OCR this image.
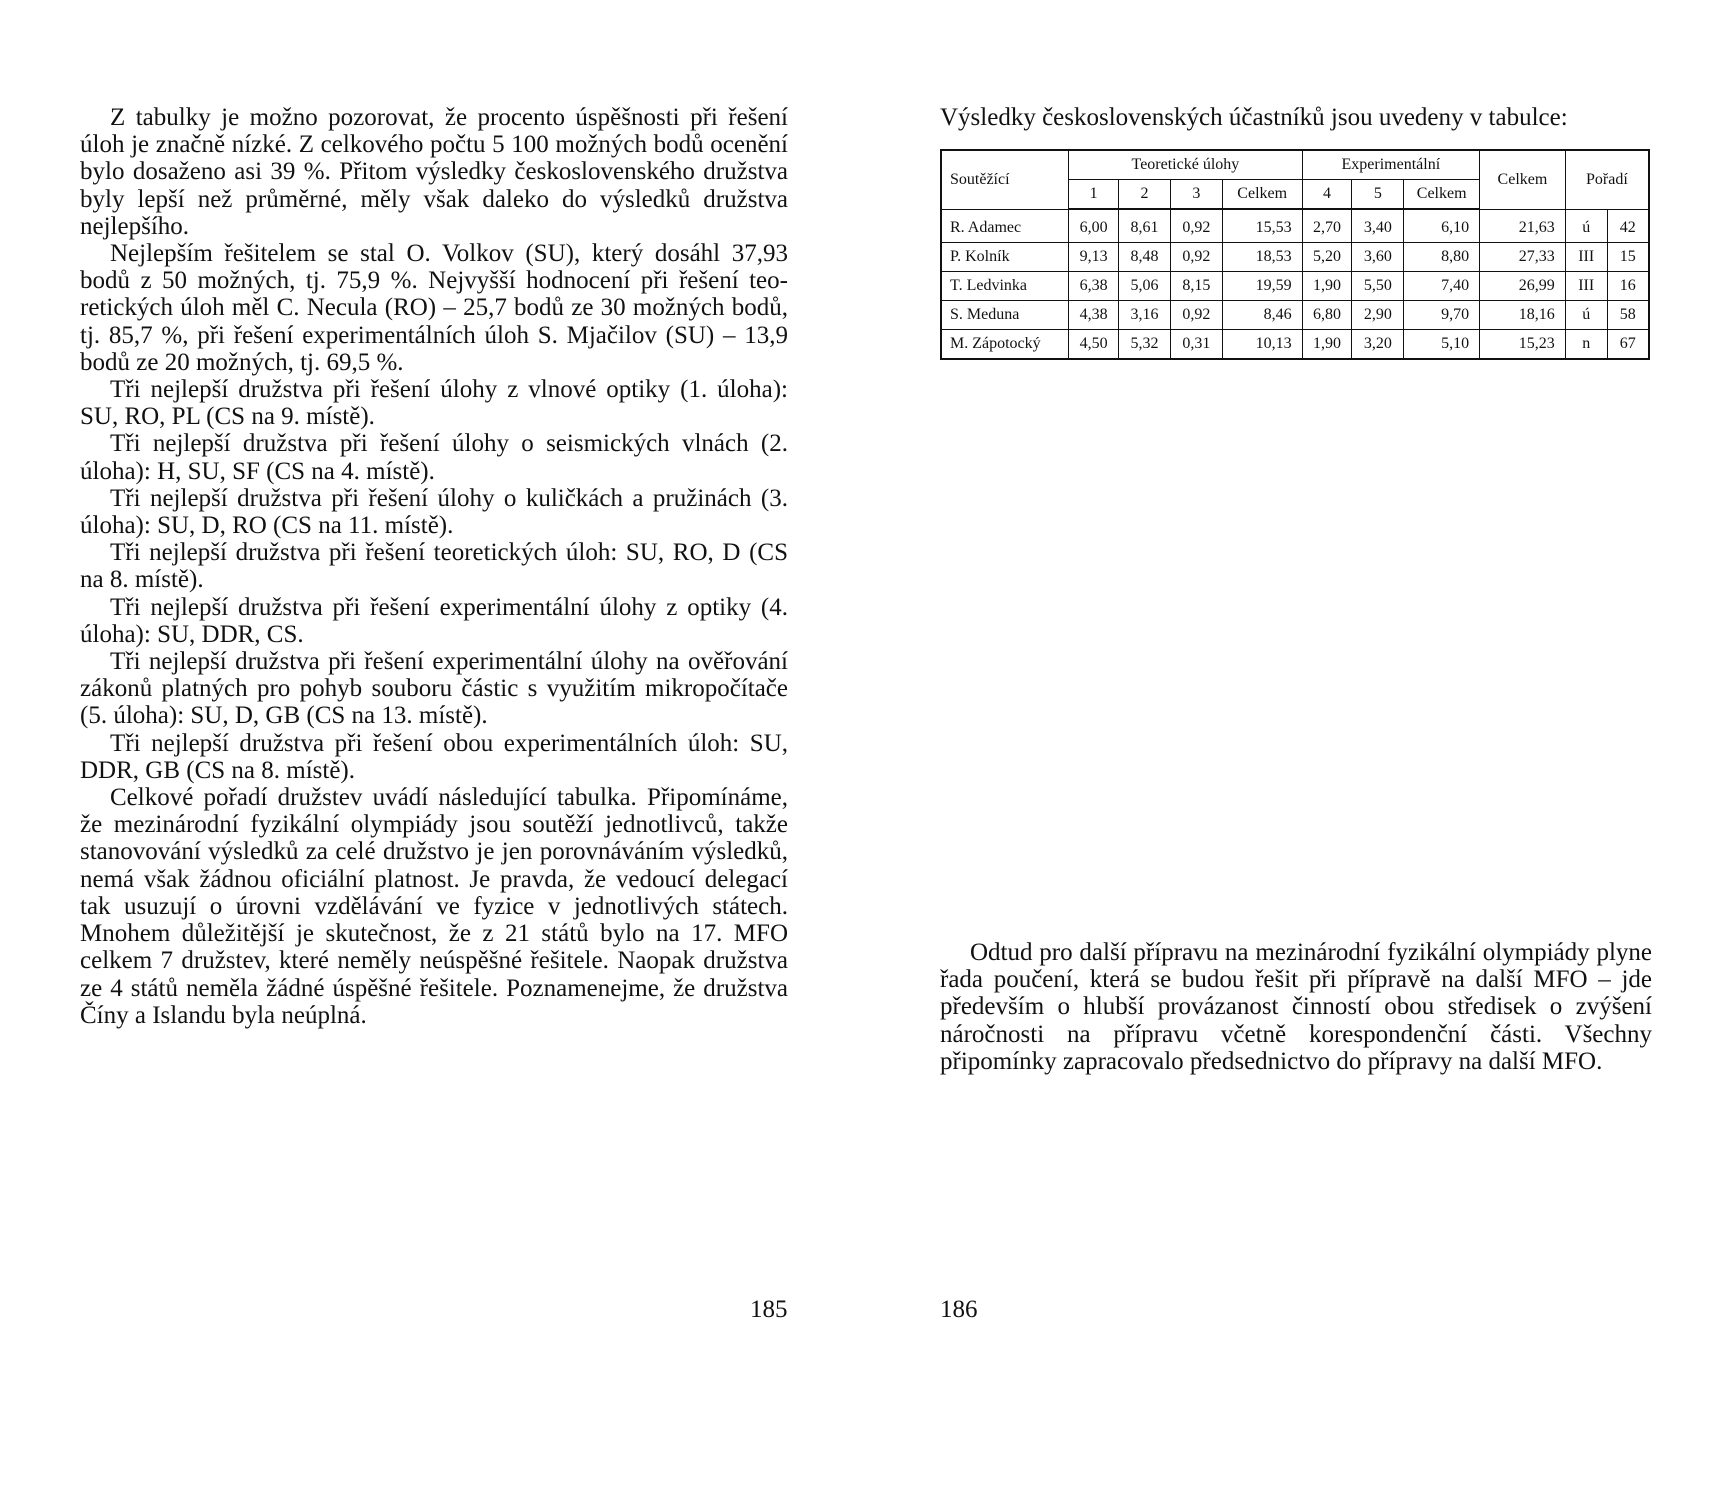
Z tabulky je možno pozorovat, že procento úspěšnosti při řešení úloh je značně nízké. Z celkového počtu 5 100 možných bodů ocenění bylo dosaženo asi 39 %. Přitom výsledky československého družstva byly lepší než průměrné, měly však daleko do výsledků družstva nejlepšího.

Nejlepším řešitelem se stal O. Volkov (SU), který dosáhl 37,93 bodů z 50 možných, tj. 75,9 %. Nejvyšší hodnocení při řešení teoretických úloh měl C. Necula (RO) – 25,7 bodů ze 30 možných bodů, tj. 85,7 %, při řešení experimentálních úloh S. Mjačilov (SU) – 13,9 bodů ze 20 možných, tj. 69,5 %.

Tři nejlepší družstva při řešení úlohy z vlnové optiky (1. úloha): SU, RO, PL (CS na 9. místě).

Tři nejlepší družstva při řešení úlohy o seismických vlnách (2. úloha): H, SU, SF (CS na 4. místě).

Tři nejlepší družstva při řešení úlohy o kuličkách a pružinách (3. úloha): SU, D, RO (CS na 11. místě).

Tři nejlepší družstva při řešení teoretických úloh: SU, RO, D (CS na 8. místě).

Tři nejlepší družstva při řešení experimentální úlohy z optiky (4. úloha): SU, DDR, CS.

Tři nejlepší družstva při řešení experimentální úlohy na ověřování zákonů platných pro pohyb souboru částic s využitím mikropočítače (5. úloha): SU, D, GB (CS na 13. místě).

Tři nejlepší družstva při řešení obou experimentálních úloh: SU, DDR, GB (CS na 8. místě).

Celkové pořadí družstev uvádí následující tabulka. Připomínáme, že mezinárodní fyzikální olympiády jsou soutěží jednotlivců, takže stanovování výsledků za celé družstvo je jen porovnáváním výsledků, nemá však žádnou oficiální platnost. Je pravda, že vedoucí delegací tak usuzují o úrovni vzdělávání ve fyzice v jednotlivých státech. Mnohem důležitější je skutečnost, že z 21 států bylo na 17. MFO celkem 7 družstev, které neměly neúspěšné řešitele. Naopak družstva ze 4 států neměla žádné úspěšné řešitele. Poznamenejme, že družstva Číny a Islandu byla neúplná.

185

Výsledky československých účastníků jsou uvedeny v tabulce:

Soutěžící	Teoretické úlohy				Experimentální			Celkem	Pořadí	
	1	2	3	Celkem	4	5	Celkem			
R. Adamec	6,00	8,61	0,92	15,53	2,70	3,40	6,10	21,63	ú	42
P. Kolník	9,13	8,48	0,92	18,53	5,20	3,60	8,80	27,33	III	15
T. Ledvinka	6,38	5,06	8,15	19,59	1,90	5,50	7,40	26,99	III	16
S. Meduna	4,38	3,16	0,92	8,46	6,80	2,90	9,70	18,16	ú	58
M. Zápotocký	4,50	5,32	0,31	10,13	1,90	3,20	5,10	15,23	n	67

Odtud pro další přípravu na mezinárodní fyzikální olympiády plyne řada poučení, která se budou řešit při přípravě na další MFO – jde především o hlubší provázanost činností obou středisek o zvýšení náročnosti na přípravu včetně korespondenční části. Všechny připomínky zapracovalo předsednictvo do přípravy na další MFO.

186
